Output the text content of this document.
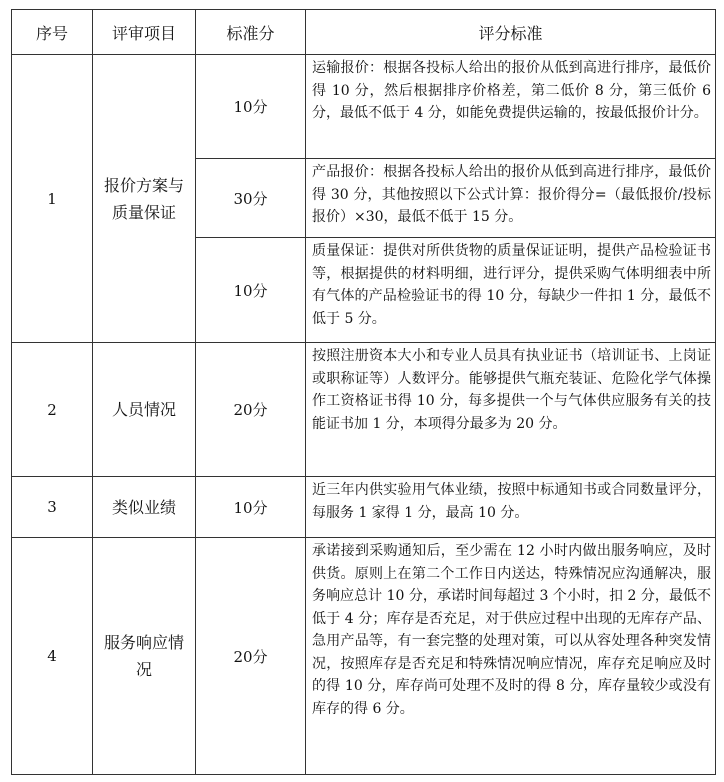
序号	评审项目	标准分	评分标准
1	报价方案与质量保证	10分	运输报价：根据各投标人给出的报价从低到高进行排序，最低价得 10 分，然后根据排序价格差，第二低价 8 分，第三低价 6 分，最低不低于 4 分，如能免费提供运输的，按最低报价计分。
		30分	产品报价：根据各投标人给出的报价从低到高进行排序，最低价得 30 分，其他按照以下公式计算：报价得分=（最低报价/投标报价）×30，最低不低于 15 分。
		10分	质量保证：提供对所供货物的质量保证证明，提供产品检验证书等，根据提供的材料明细，进行评分，提供采购气体明细表中所有气体的产品检验证书的得 10 分，每缺少一件扣 1 分，最低不低于 5 分。
2	人员情况	20分	按照注册资本大小和专业人员具有执业证书（培训证书、上岗证或职称证等）人数评分。能够提供气瓶充装证、危险化学气体操作工资格证书得 10 分，每多提供一个与气体供应服务有关的技能证书加 1 分，本项得分最多为 20 分。
3	类似业绩	10分	近三年内供实验用气体业绩，按照中标通知书或合同数量评分，每服务 1 家得 1 分，最高 10 分。
4	服务响应情况	20分	承诺接到采购通知后，至少需在 12 小时内做出服务响应，及时供货。原则上在第二个工作日内送达，特殊情况应沟通解决，服务响应总计 10 分，承诺时间每超过 3 个小时，扣 2 分，最低不低于 4 分；库存是否充足，对于供应过程中出现的无库存产品、急用产品等，有一套完整的处理对策，可以从容处理各种突发情况，按照库存是否充足和特殊情况响应情况，库存充足响应及时的得 10 分，库存尚可处理不及时的得 8 分，库存量较少或没有库存的得 6 分。
